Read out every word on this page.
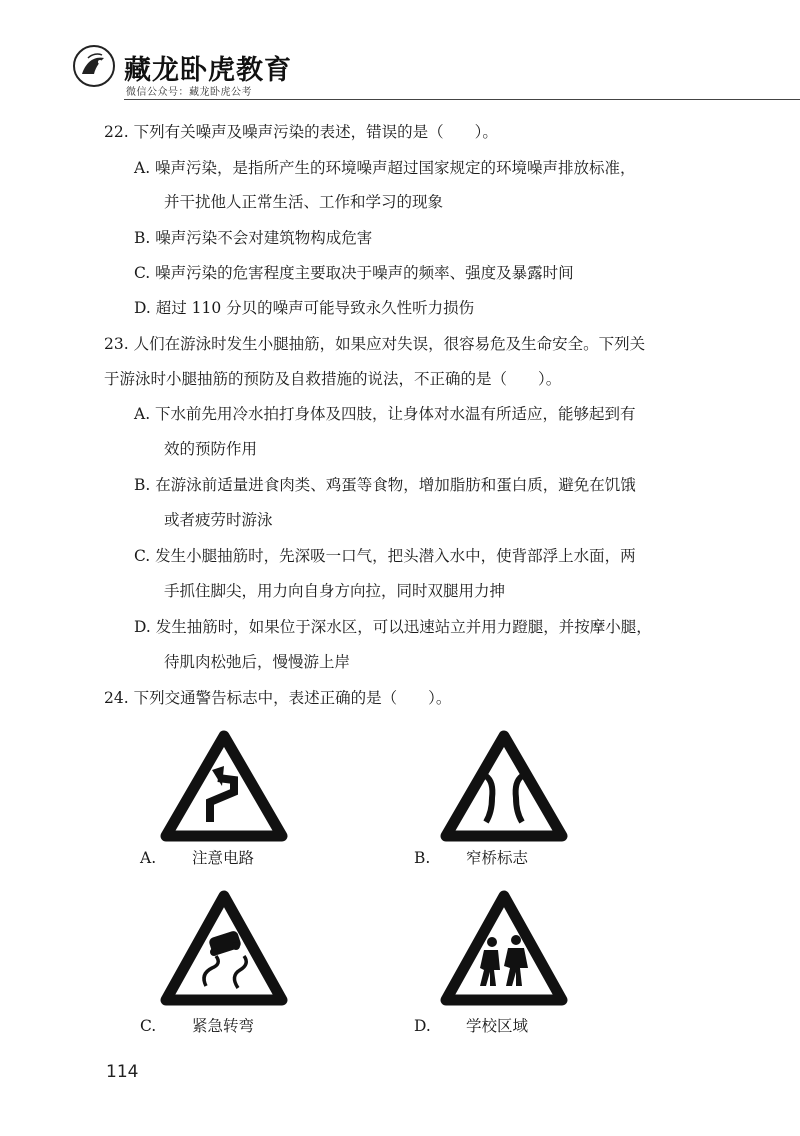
藏龙卧虎教育
微信公众号：藏龙卧虎公考
22. 下列有关噪声及噪声污染的表述，错误的是（　　）。
A. 噪声污染，是指所产生的环境噪声超过国家规定的环境噪声排放标准，
并干扰他人正常生活、工作和学习的现象
B. 噪声污染不会对建筑物构成危害
C. 噪声污染的危害程度主要取决于噪声的频率、强度及暴露时间
D. 超过 110 分贝的噪声可能导致永久性听力损伤
23. 人们在游泳时发生小腿抽筋，如果应对失误，很容易危及生命安全。下列关
于游泳时小腿抽筋的预防及自救措施的说法，不正确的是（　　）。
A. 下水前先用冷水拍打身体及四肢，让身体对水温有所适应，能够起到有
效的预防作用
B. 在游泳前适量进食肉类、鸡蛋等食物，增加脂肪和蛋白质，避免在饥饿
或者疲劳时游泳
C. 发生小腿抽筋时，先深吸一口气，把头潜入水中，使背部浮上水面，两
手抓住脚尖，用力向自身方向拉，同时双腿用力抻
D. 发生抽筋时，如果位于深水区，可以迅速站立并用力蹬腿，并按摩小腿，
待肌肉松弛后，慢慢游上岸
24. 下列交通警告标志中，表述正确的是（　　）。
A. 注意电路	B. 窄桥标志
C. 紧急转弯	D. 学校区域
114
